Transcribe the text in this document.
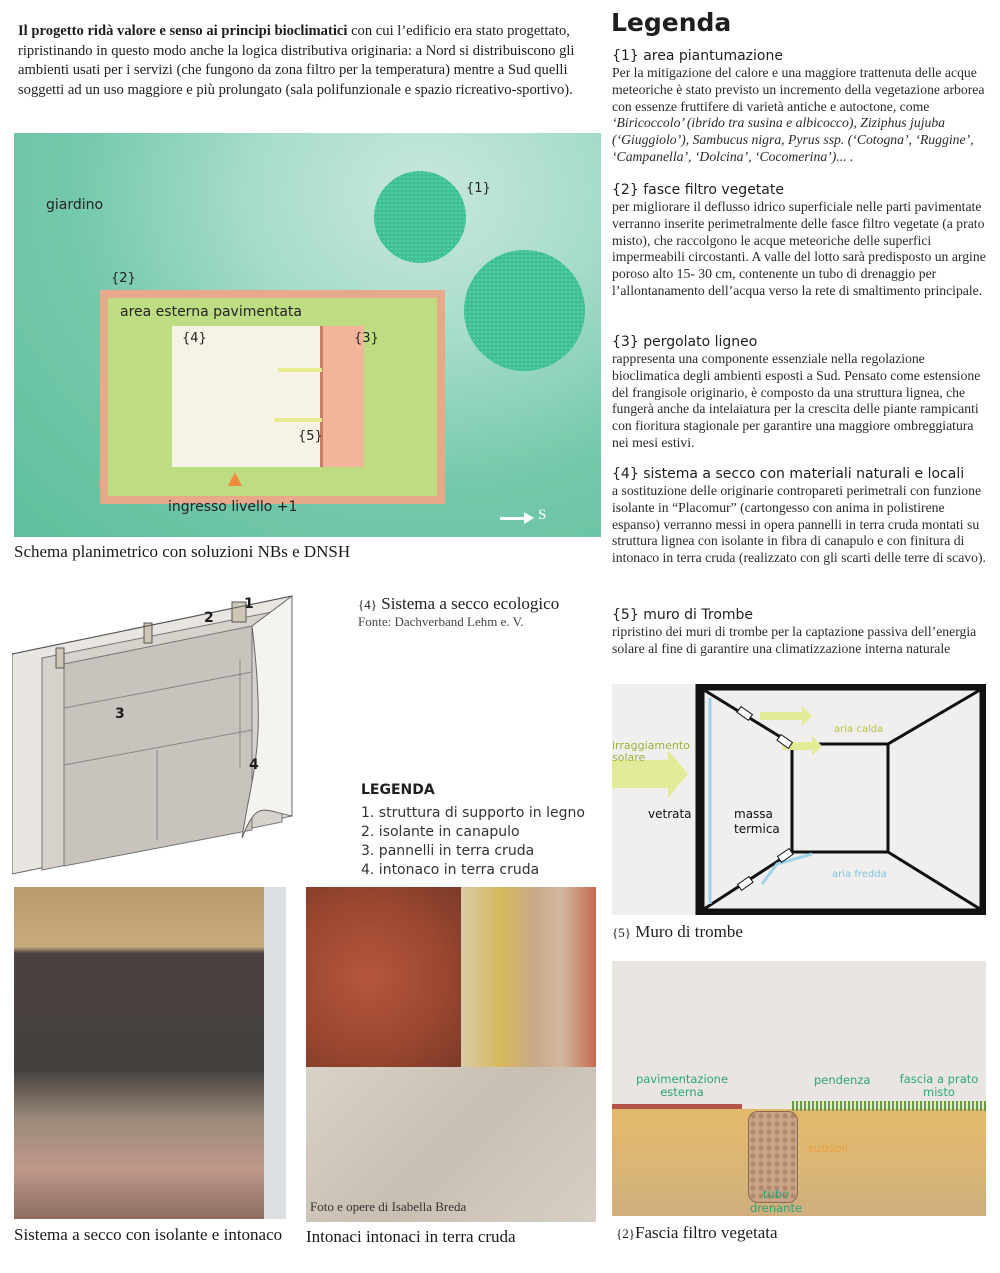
Il progetto ridà valore e senso ai principi bioclimatici con cui l’edificio era stato progettato, ripristinando in questo modo anche la logica distributiva originaria: a Nord si distribuiscono gli ambienti usati per i servizi (che fungono da zona filtro per la temperatura) mentre a Sud quelli soggetti ad un uso maggiore e più prolungato (sala polifunzionale e spazio ricreativo-sportivo).
{1}
giardino
{2}
area esterna pavimentata
{4}	{3}
{5}
ingresso livello +1	S
Schema planimetrico con soluzioni NBs e DNSH
Legenda
{1} area piantumazione
Per la mitigazione del calore e una maggiore trattenuta delle acque meteoriche è stato previsto un incremento della vegetazione arborea con essenze fruttifere di varietà antiche e autoctone, come ‘Biricoccolo’ (ibrido tra susina e albicocco), Ziziphus jujuba (‘Giuggiolo’), Sambucus nigra, Pyrus ssp. (‘Cotogna’, ‘Ruggine’, ‘Campanella’, ‘Dolcina’, ‘Cocomerina’)... .
{2} fasce filtro vegetate
per migliorare il deflusso idrico superficiale nelle parti pavimentate verranno inserite perimetralmente delle fasce filtro vegetate (a prato misto), che raccolgono le acque meteoriche delle superfici impermeabili circostanti. A valle del lotto sarà predisposto un argine poroso alto 15- 30 cm, contenente un tubo di drenaggio per l’allontanamento dell’acqua verso la rete di smaltimento principale.
{3} pergolato ligneo
rappresenta una componente essenziale nella regolazione bioclimatica degli ambienti esposti a Sud. Pensato come estensione del frangisole originario, è composto da una struttura lignea, che fungerà anche da intelaiatura per la crescita delle piante rampicanti con fioritura stagionale per garantire una maggiore ombreggiatura nei mesi estivi.
{4} sistema a secco con materiali naturali e locali
a sostituzione delle originarie contropareti perimetrali con funzione isolante in “Placomur” (cartongesso con anima in polistirene espanso) verranno messi in opera pannelli in terra cruda montati su struttura lignea con isolante in fibra di canapulo e con finitura di intonaco in terra cruda (realizzato con gli scarti delle terre di scavo).
{5} muro di Trombe
ripristino dei muri di trombe per la captazione passiva dell’energia solare al fine di garantire una climatizzazione interna naturale
1
2
3
4
{4} Sistema a secco ecologico
Fonte: Dachverband Lehm e. V.
LEGENDA
1. struttura di supporto in legno
2. isolante in canapulo
3. pannelli in terra cruda
4. intonaco in terra cruda
irraggiamento solare
vetrata	massa termica
aria calda
aria fredda
{5} Muro di trombe
Sistema a secco con isolante e intonaco
Foto e opere di Isabella Breda
Intonaci intonaci in terra cruda
pavimentazione esterna
pendenza	fascia a prato misto
subsoil
tubo drenante
{2}Fascia filtro vegetata
